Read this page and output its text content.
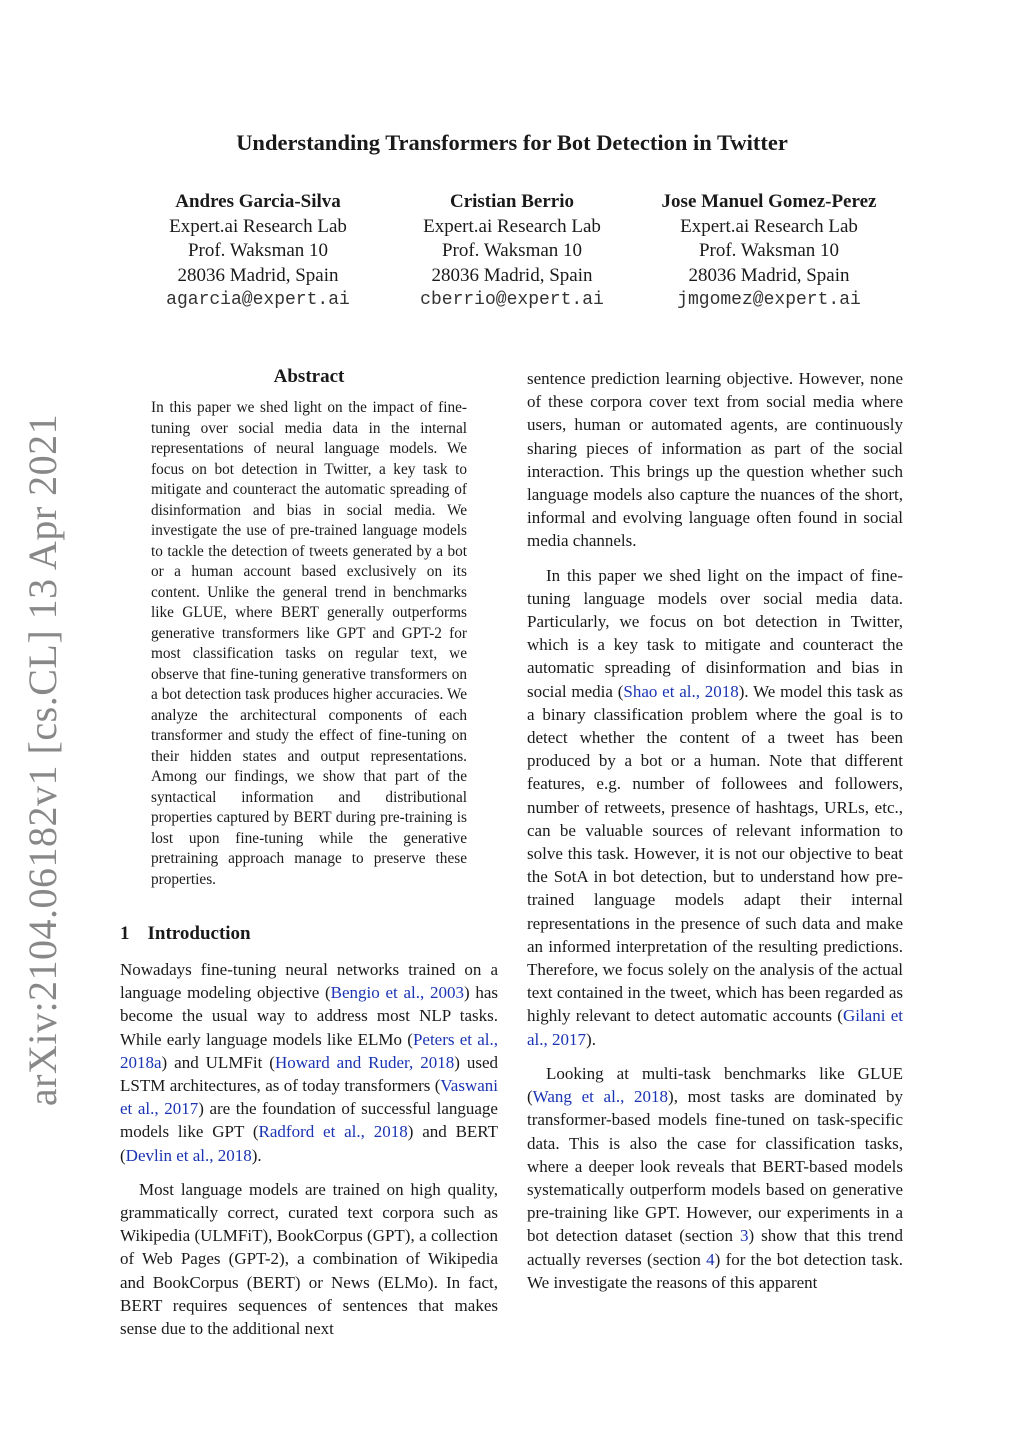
arXiv:2104.06182v1 [cs.CL] 13 Apr 2021
Understanding Transformers for Bot Detection in Twitter
Andres Garcia-Silva
Expert.ai Research Lab
Prof. Waksman 10
28036 Madrid, Spain
agarcia@expert.ai
Cristian Berrio
Expert.ai Research Lab
Prof. Waksman 10
28036 Madrid, Spain
cberrio@expert.ai
Jose Manuel Gomez-Perez
Expert.ai Research Lab
Prof. Waksman 10
28036 Madrid, Spain
jmgomez@expert.ai
Abstract
In this paper we shed light on the impact of fine-tuning over social media data in the internal representations of neural language models. We focus on bot detection in Twitter, a key task to mitigate and counteract the automatic spreading of disinformation and bias in social media. We investigate the use of pre-trained language models to tackle the detection of tweets generated by a bot or a human account based exclusively on its content. Unlike the general trend in benchmarks like GLUE, where BERT generally outperforms generative transformers like GPT and GPT-2 for most classification tasks on regular text, we observe that fine-tuning generative transformers on a bot detection task produces higher accuracies. We analyze the architectural components of each transformer and study the effect of fine-tuning on their hidden states and output representations. Among our findings, we show that part of the syntactical information and distributional properties captured by BERT during pre-training is lost upon fine-tuning while the generative pretraining approach manage to preserve these properties.
1 Introduction

Nowadays fine-tuning neural networks trained on a language modeling objective (Bengio et al., 2003) has become the usual way to address most NLP tasks. While early language models like ELMo (Peters et al., 2018a) and ULMFit (Howard and Ruder, 2018) used LSTM architectures, as of today transformers (Vaswani et al., 2017) are the foundation of successful language models like GPT (Radford et al., 2018) and BERT (Devlin et al., 2018).

Most language models are trained on high quality, grammatically correct, curated text corpora such as Wikipedia (ULMFiT), BookCorpus (GPT), a collection of Web Pages (GPT-2), a combination of Wikipedia and BookCorpus (BERT) or News (ELMo). In fact, BERT requires sequences of sentences that makes sense due to the additional next

sentence prediction learning objective. However, none of these corpora cover text from social media where users, human or automated agents, are continuously sharing pieces of information as part of the social interaction. This brings up the question whether such language models also capture the nuances of the short, informal and evolving language often found in social media channels.

In this paper we shed light on the impact of fine-tuning language models over social media data. Particularly, we focus on bot detection in Twitter, which is a key task to mitigate and counteract the automatic spreading of disinformation and bias in social media (Shao et al., 2018). We model this task as a binary classification problem where the goal is to detect whether the content of a tweet has been produced by a bot or a human. Note that different features, e.g. number of followees and followers, number of retweets, presence of hashtags, URLs, etc., can be valuable sources of relevant information to solve this task. However, it is not our objective to beat the SotA in bot detection, but to understand how pre-trained language models adapt their internal representations in the presence of such data and make an informed interpretation of the resulting predictions. Therefore, we focus solely on the analysis of the actual text contained in the tweet, which has been regarded as highly relevant to detect automatic accounts (Gilani et al., 2017).

Looking at multi-task benchmarks like GLUE (Wang et al., 2018), most tasks are dominated by transformer-based models fine-tuned on task-specific data. This is also the case for classification tasks, where a deeper look reveals that BERT-based models systematically outperform models based on generative pre-training like GPT. However, our experiments in a bot detection dataset (section 3) show that this trend actually reverses (section 4) for the bot detection task. We investigate the reasons of this apparent
